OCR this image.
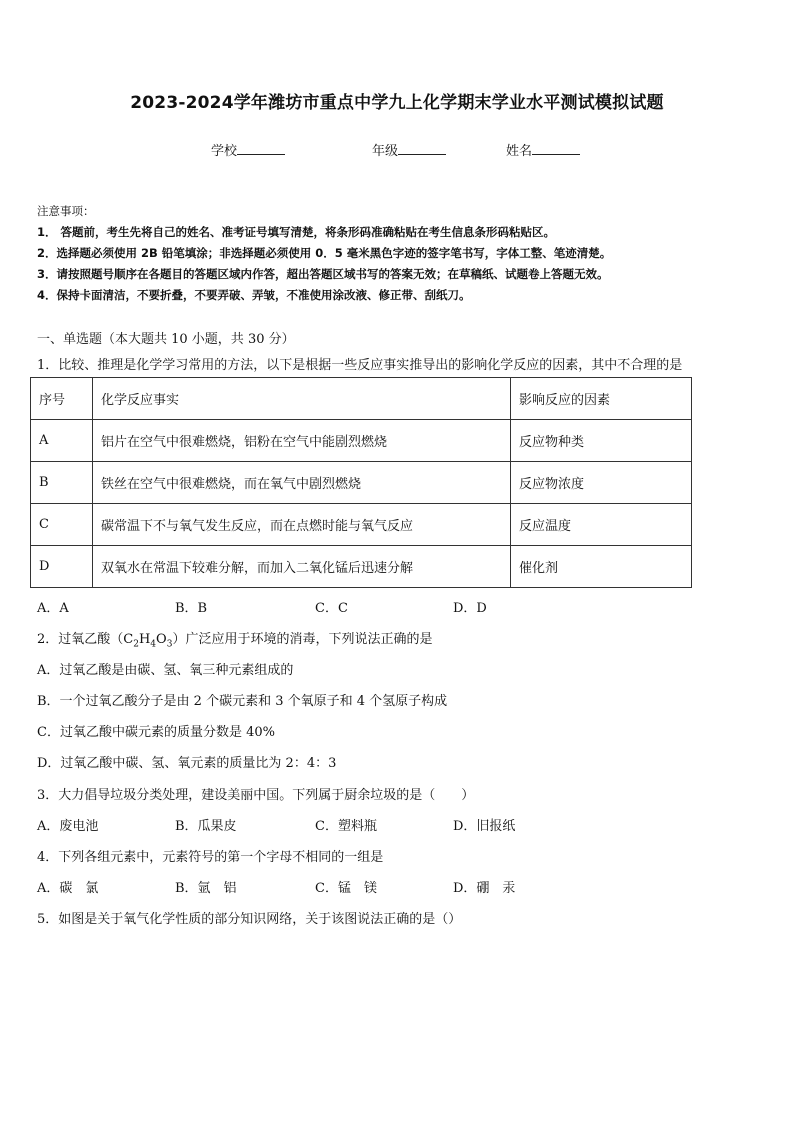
2023-2024学年潍坊市重点中学九上化学期末学业水平测试模拟试题
学校	年级	姓名
注意事项：
1． 答题前，考生先将自己的姓名、准考证号填写清楚，将条形码准确粘贴在考生信息条形码粘贴区。
2．选择题必须使用 2B 铅笔填涂；非选择题必须使用 0．5 毫米黑色字迹的签字笔书写，字体工整、笔迹清楚。
3．请按照题号顺序在各题目的答题区域内作答，超出答题区域书写的答案无效；在草稿纸、试题卷上答题无效。
4．保持卡面清洁，不要折叠，不要弄破、弄皱，不准使用涂改液、修正带、刮纸刀。
一、单选题（本大题共 10 小题，共 30 分）
1．比较、推理是化学学习常用的方法，以下是根据一些反应事实推导出的影响化学反应的因素，其中不合理的是
序号	化学反应事实	影响反应的因素
A	铝片在空气中很难燃烧，铝粉在空气中能剧烈燃烧	反应物种类
B	铁丝在空气中很难燃烧，而在氧气中剧烈燃烧	反应物浓度
C	碳常温下不与氧气发生反应，而在点燃时能与氧气反应	反应温度
D	双氧水在常温下较难分解，而加入二氧化锰后迅速分解	催化剂
A．A	B．B	C．C	D．D
2．过氧乙酸$(C_2H_4O_3)$广泛应用于环境的消毒，下列说法正确的是
A．过氧乙酸是由碳、氢、氧三种元素组成的
B．一个过氧乙酸分子是由 2 个碳元素和 3 个氧原子和 4 个氢原子构成
C．过氧乙酸中碳元素的质量分数是 40%
D．过氧乙酸中碳、氢、氧元素的质量比为 2：4：3
3．大力倡导垃圾分类处理，建设美丽中国。下列属于厨余垃圾的是（　　）
A．废电池	B．瓜果皮	C．塑料瓶	D．旧报纸
4．下列各组元素中，元素符号的第一个字母不相同的一组是
A．碳　氯	B．氩　铝	C．锰　镁	D．硼　汞
5．如图是关于氧气化学性质的部分知识网络，关于该图说法正确的是（）
